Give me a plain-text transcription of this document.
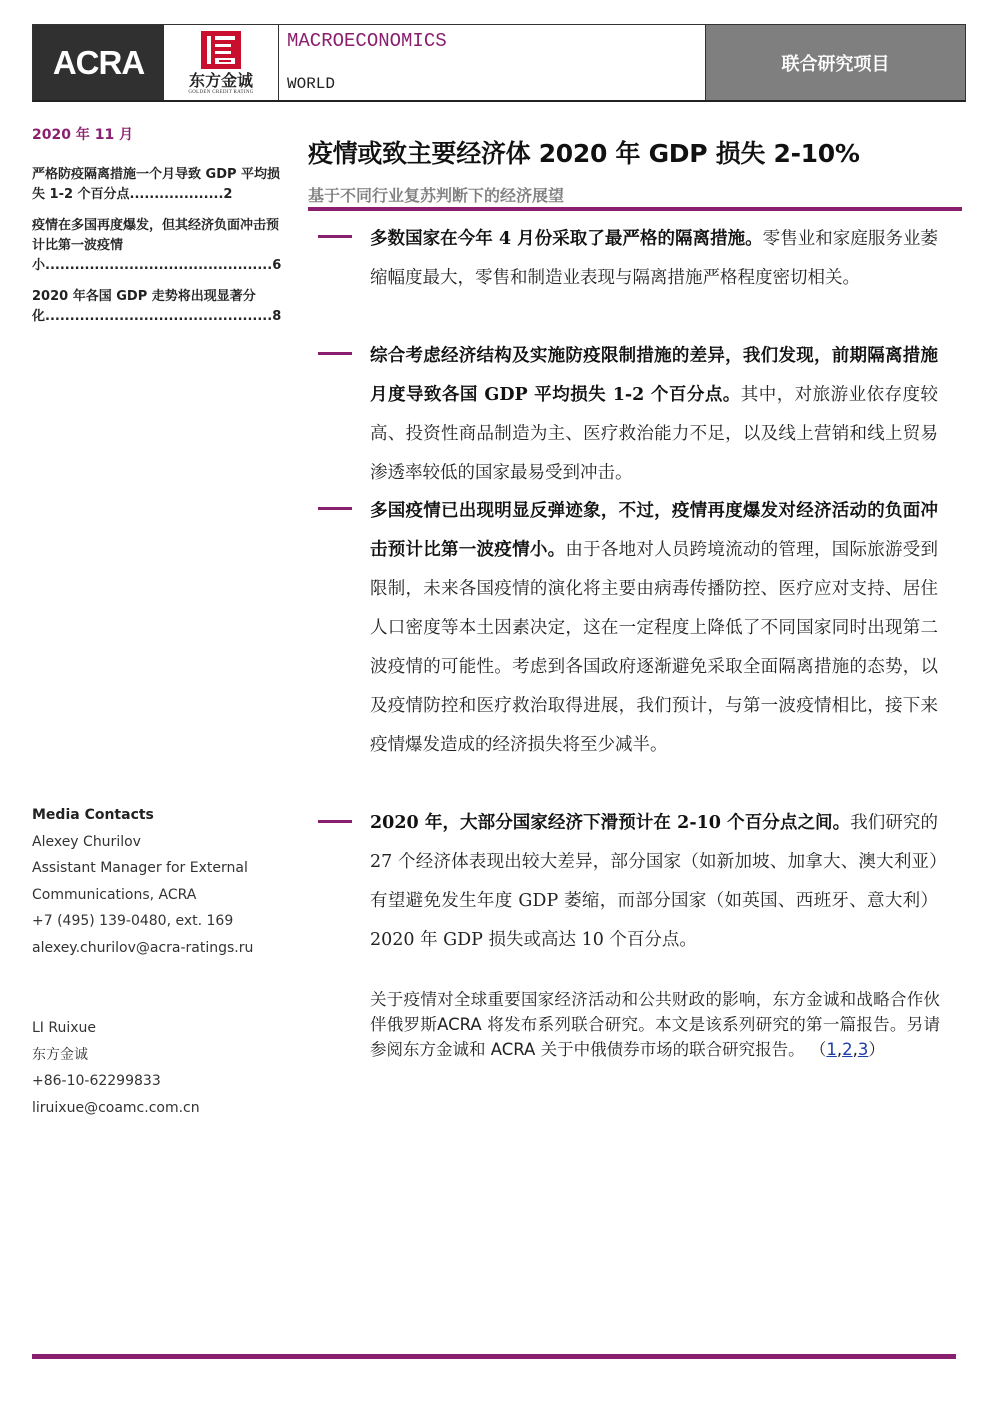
ACRA	东方金诚
GOLDEN CREDIT RATING
MACROECONOMICS
WORLD
联合研究项目
2020 年 11 月
严格防疫隔离措施一个月导致 GDP 平均损失 1-2 个百分点...................2
疫情在多国再度爆发，但其经济负面冲击预计比第一波疫情小..............................................6
2020 年各国 GDP 走势将出现显著分化..............................................8
Media Contacts
Alexey Churilov
Assistant Manager for External
Communications, ACRA
+7 (495) 139-0480, ext. 169
alexey.churilov@acra-ratings.ru
LI Ruixue
东方金诚
+86-10-62299833
liruixue@coamc.com.cn
疫情或致主要经济体 2020 年 GDP 损失 2-10%
基于不同行业复苏判断下的经济展望
多数国家在今年 4 月份采取了最严格的隔离措施。零售业和家庭服务业萎缩幅度最大，零售和制造业表现与隔离措施严格程度密切相关。
综合考虑经济结构及实施防疫限制措施的差异，我们发现，前期隔离措施月度导致各国 GDP 平均损失 1-2 个百分点。其中，对旅游业依存度较高、投资性商品制造为主、医疗救治能力不足，以及线上营销和线上贸易渗透率较低的国家最易受到冲击。
多国疫情已出现明显反弹迹象，不过，疫情再度爆发对经济活动的负面冲击预计比第一波疫情小。由于各地对人员跨境流动的管理，国际旅游受到限制，未来各国疫情的演化将主要由病毒传播防控、医疗应对支持、居住人口密度等本土因素决定，这在一定程度上降低了不同国家同时出现第二波疫情的可能性。考虑到各国政府逐渐避免采取全面隔离措施的态势，以及疫情防控和医疗救治取得进展，我们预计，与第一波疫情相比，接下来疫情爆发造成的经济损失将至少减半。
2020 年，大部分国家经济下滑预计在 2-10 个百分点之间。我们研究的 27 个经济体表现出较大差异，部分国家（如新加坡、加拿大、澳大利亚）有望避免发生年度 GDP 萎缩，而部分国家（如英国、西班牙、意大利）2020 年 GDP 损失或高达 10 个百分点。
关于疫情对全球重要国家经济活动和公共财政的影响，东方金诚和战略合作伙伴俄罗斯ACRA 将发布系列联合研究。本文是该系列研究的第一篇报告。另请参阅东方金诚和 ACRA 关于中俄债券市场的联合研究报告。 （1,2,3）
